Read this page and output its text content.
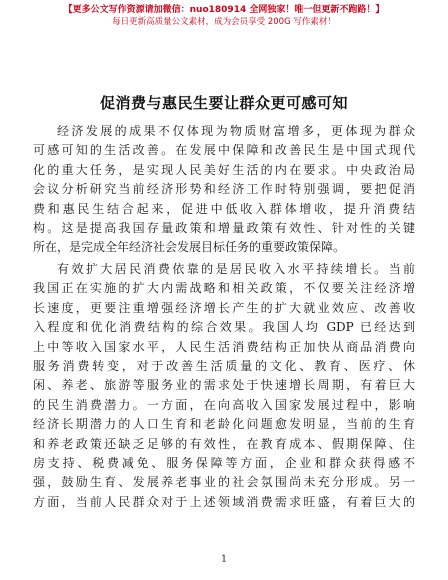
【更多公文写作资源请加微信：nuo180914 全网独家！唯一但更新不跑路！】
每日更新高质量公文素材，成为会员享受 200G 写作素材！
促消费与惠民生要让群众更可感可知
经济发展的成果不仅体现为物质财富增多，更体现为群众
可感可知的生活改善。在发展中保障和改善民生是中国式现代
化的重大任务，是实现人民美好生活的内在要求。中央政治局
会议分析研究当前经济形势和经济工作时特别强调，要把促消
费和惠民生结合起来，促进中低收入群体增收，提升消费结
构。这是提高我国存量政策和增量政策有效性、针对性的关键
所在，是完成全年经济社会发展目标任务的重要政策保障。
有效扩大居民消费依靠的是居民收入水平持续增长。当前
我国正在实施的扩大内需战略和相关政策，不仅要关注经济增
长速度，更要注重增强经济增长产生的扩大就业效应、改善收
入程度和优化消费结构的综合效果。我国人均 GDP 已经达到
上中等收入国家水平，人民生活消费结构正加快从商品消费向
服务消费转变，对于改善生活质量的文化、教育、医疗、休
闲、养老、旅游等服务业的需求处于快速增长周期，有着巨大
的民生消费潜力。一方面，在向高收入国家发展过程中，影响
经济长期潜力的人口生育和老龄化问题愈发明显，当前的生育
和养老政策还缺乏足够的有效性，在教育成本、假期保障、住
房支持、税费减免、服务保障等方面，企业和群众获得感不
强，鼓励生育、发展养老事业的社会氛围尚未充分形成。另一
方面，当前人民群众对于上述领域消费需求旺盛，有着巨大的
1
